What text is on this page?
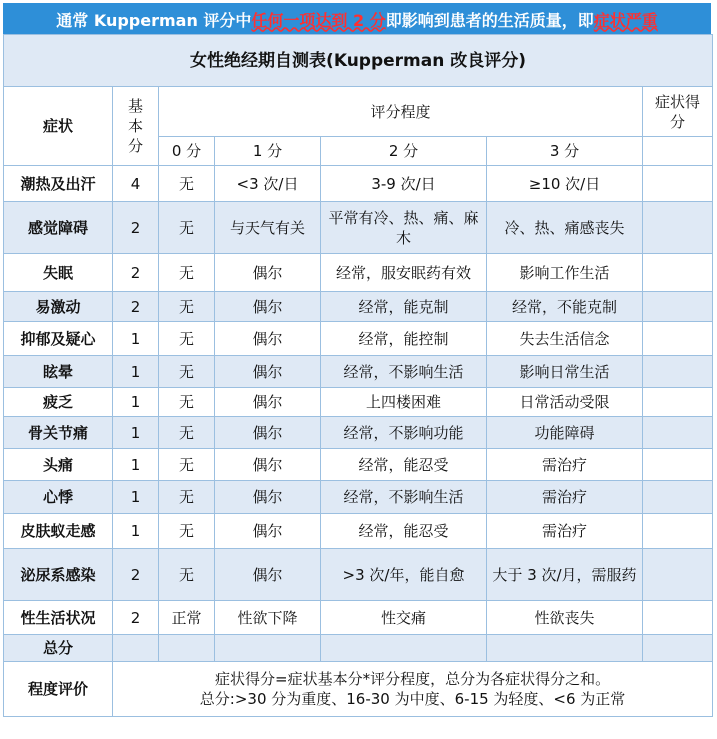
通常 Kupperman 评分中 任何一项达到 2 分 即影响到患者的生活质量，即 症状严重
女性绝经期自测表(Kupperman 改良评分)						
症状	基本分	评分程度				症状得分
		0 分	1 分	2 分	3 分	
潮热及出汗	4	无	<3 次/日	3-9 次/日	≥10 次/日	
感觉障碍	2	无	与天气有关	平常有冷、热、痛、麻木	冷、热、痛感丧失	
失眠	2	无	偶尔	经常，服安眠药有效	影响工作生活	
易激动	2	无	偶尔	经常，能克制	经常，不能克制	
抑郁及疑心	1	无	偶尔	经常，能控制	失去生活信念	
眩晕	1	无	偶尔	经常，不影响生活	影响日常生活	
疲乏	1	无	偶尔	上四楼困难	日常活动受限	
骨关节痛	1	无	偶尔	经常，不影响功能	功能障碍	
头痛	1	无	偶尔	经常，能忍受	需治疗	
心悸	1	无	偶尔	经常，不影响生活	需治疗	
皮肤蚁走感	1	无	偶尔	经常，能忍受	需治疗	
泌尿系感染	2	无	偶尔	>3 次/年，能自愈	大于 3 次/月，需服药	
性生活状况	2	正常	性欲下降	性交痛	性欲丧失	
总分						
程度评价	症状得分=症状基本分*评分程度，总分为各症状得分之和。
总分:>30 分为重度、16-30 为中度、6-15 为轻度、<6 为正常					
